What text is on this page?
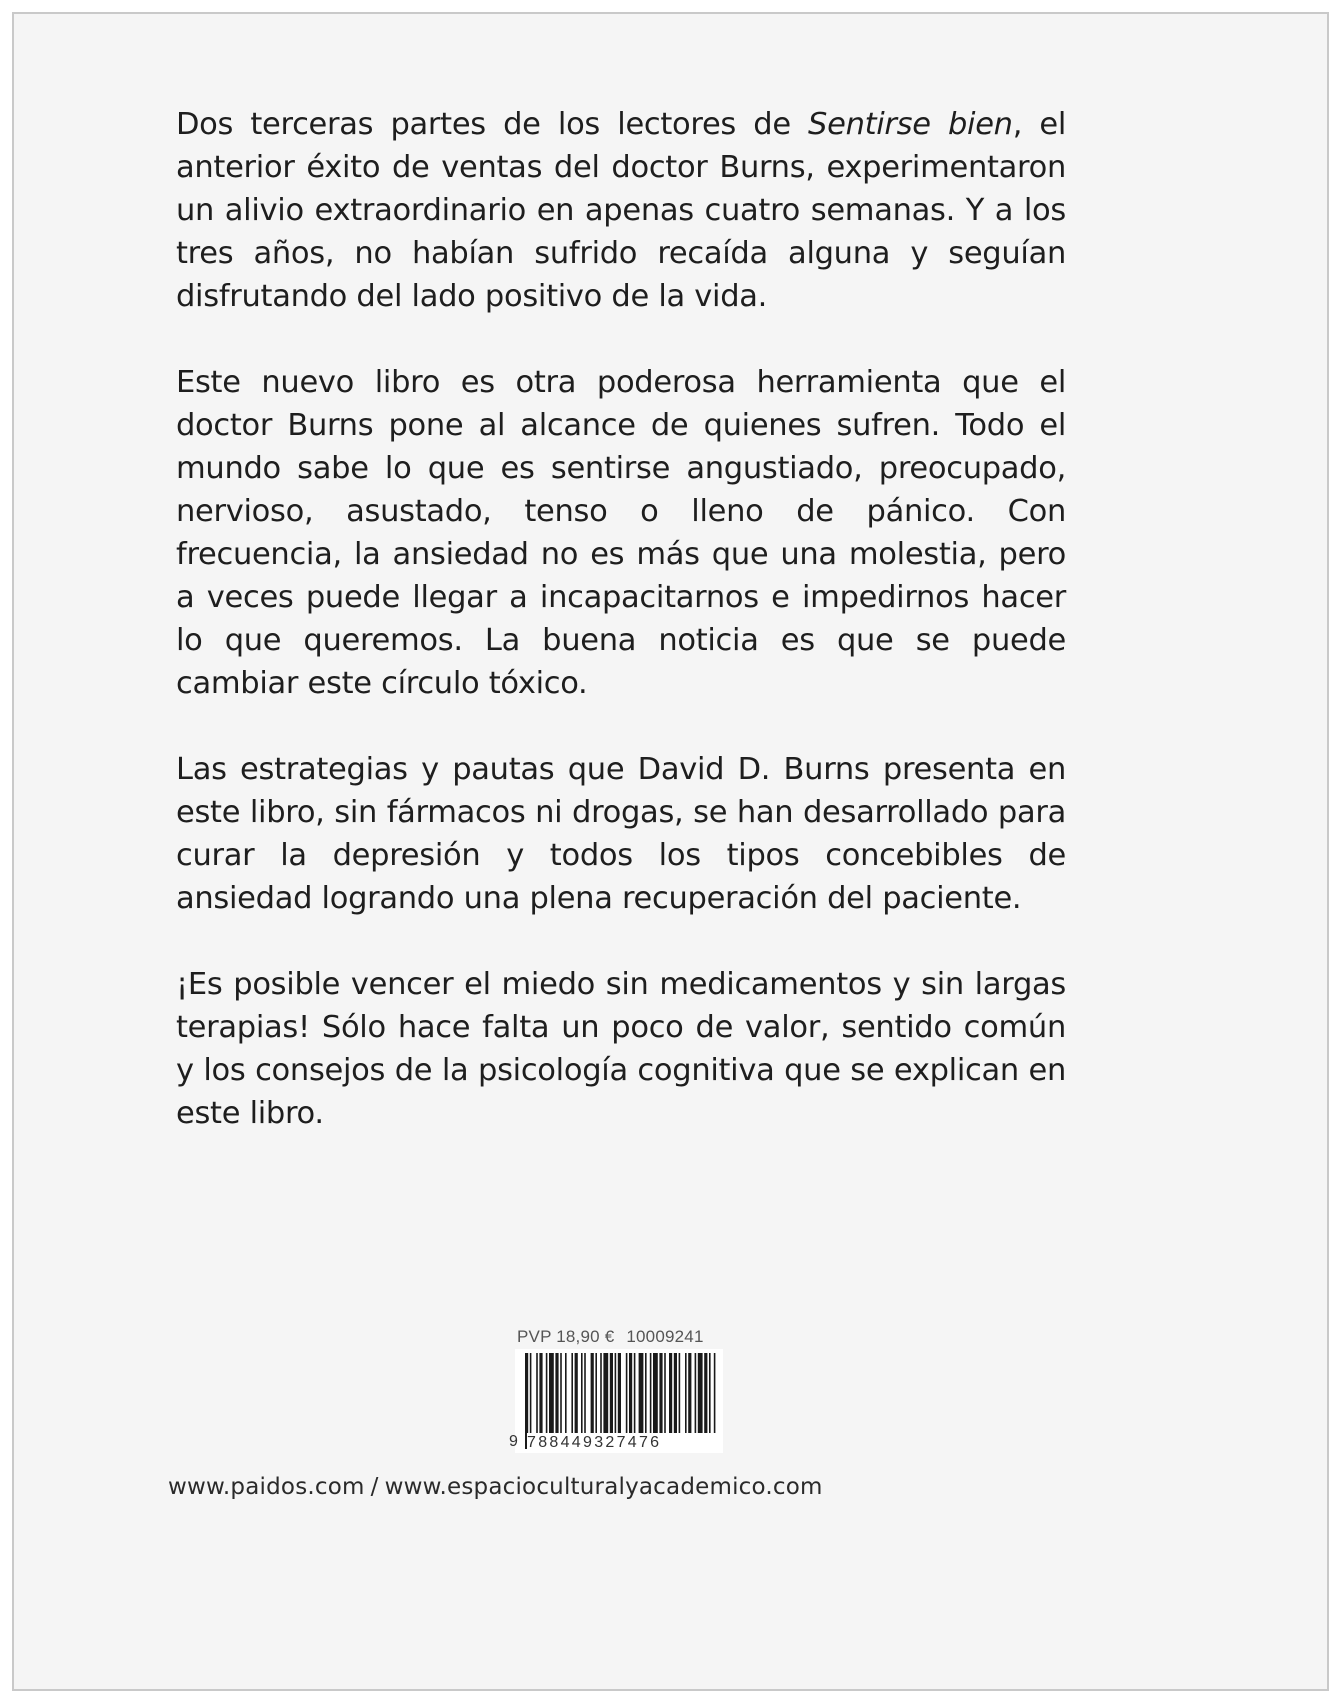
Dos terceras partes de los lectores de Sentirse bien, el anterior éxito de ventas del doctor Burns, experimentaron un alivio extraordinario en apenas cuatro semanas. Y a los tres años, no habían sufrido recaída alguna y seguían disfrutando del lado positivo de la vida.

Este nuevo libro es otra poderosa herramienta que el doctor Burns pone al alcance de quienes sufren. Todo el mundo sabe lo que es sentirse angustiado, preocupado, nervioso, asustado, tenso o lleno de pánico. Con frecuencia, la ansiedad no es más que una molestia, pero a veces puede llegar a incapacitarnos e impedirnos hacer lo que queremos. La buena noticia es que se puede cambiar este círculo tóxico.

Las estrategias y pautas que David D. Burns presenta en este libro, sin fármacos ni drogas, se han desarrollado para curar la depresión y todos los tipos concebibles de ansiedad logrando una plena recuperación del paciente.

¡Es posible vencer el miedo sin medicamentos y sin largas terapias! Sólo hace falta un poco de valor, sentido común y los consejos de la psicología cognitiva que se explican en este libro.

PVP 18,90 € 10009241
9 788449327476
www.paidos.com / www.espacioculturalyacademico.com
